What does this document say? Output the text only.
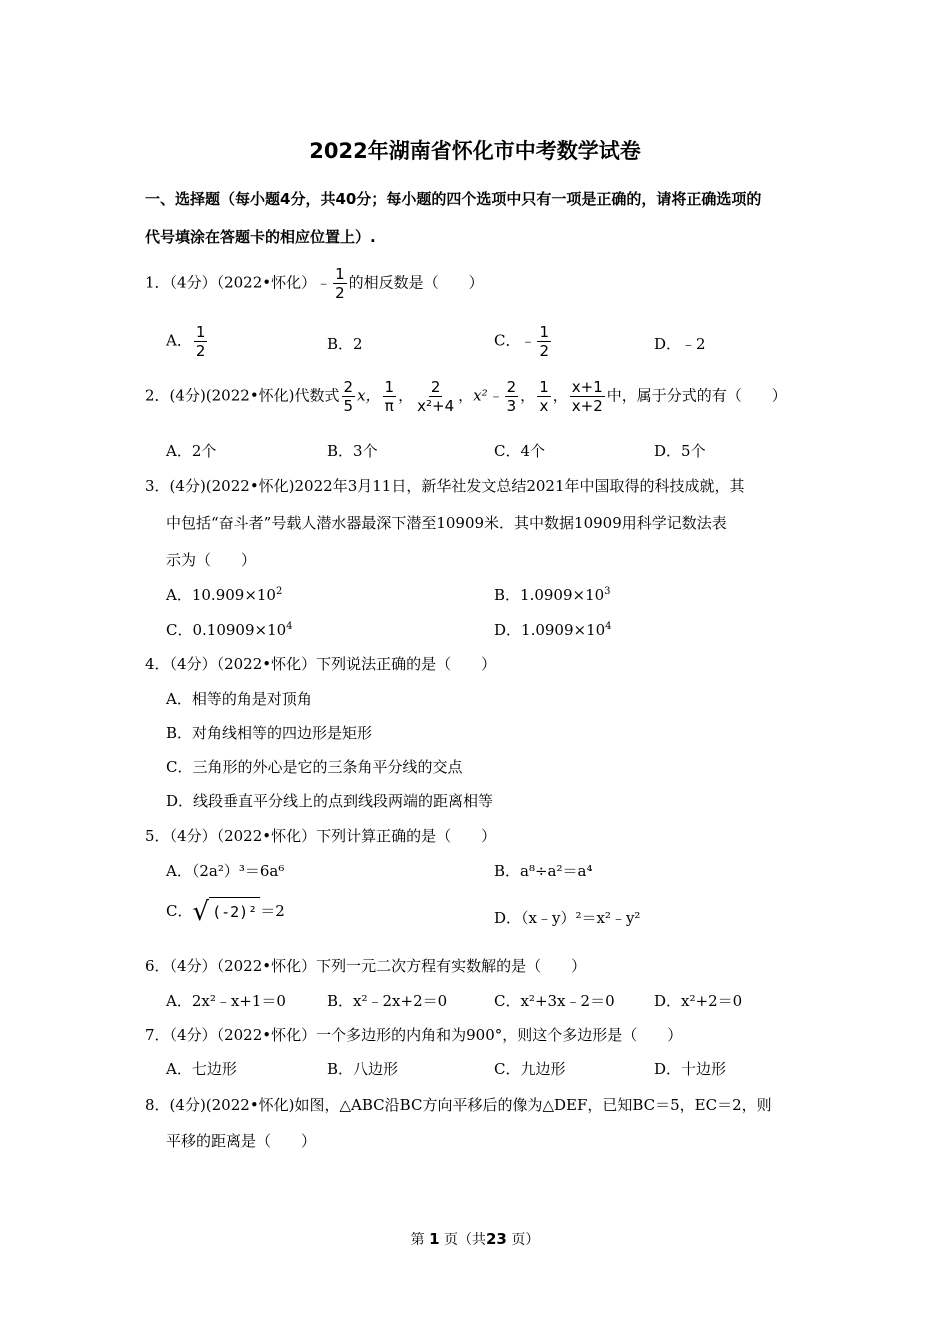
2022年湖南省怀化市中考数学试卷
一、选择题（每小题4分，共40分；每小题的四个选项中只有一项是正确的，请将正确选项的
代号填涂在答题卡的相应位置上）.
1．（4分）（2022•怀化）﹣ $\frac{1}{2}$ 的相反数是（　　）
A． $\frac{1}{2}$	B．2	C．﹣ $\frac{1}{2}$	D．﹣2
2．(4分)(2022•怀化)代数式 $\frac{2}{5}$ x， $\frac{1}{\pi}$ ， $\frac{2}{\text{x²+4}}$ ，x²﹣ $\frac{2}{3}$ ， $\frac{1}{x}$ ， $\frac{x+1}{x+2}$ 中，属于分式的有（　　）
A．2个	B．3个	C．4个	D．5个
3．(4分)(2022•怀化)2022年3月11日，新华社发文总结2021年中国取得的科技成就，其
中包括“奋斗者”号载人潜水器最深下潜至10909米．其中数据10909用科学记数法表
示为（　　）
A．$10.909\times 10^2$	B．$1.0909\times 10^3$
C．$0.10909\times 10^4$	D．$1.0909\times 10^4$
4．（4分）（2022•怀化）下列说法正确的是（　　）
A．相等的角是对顶角
B．对角线相等的四边形是矩形
C．三角形的外心是它的三条角平分线的交点
D．线段垂直平分线上的点到线段两端的距离相等
5．（4分）（2022•怀化）下列计算正确的是（　　）
A．（2a²）³＝6a⁶	B．a⁸÷a²＝a⁴
C． √ (-2)² ＝2	D．（x﹣y）²＝x²﹣y²
6．（4分）（2022•怀化）下列一元二次方程有实数解的是（　　）
A．2x²﹣x+1＝0	B．x²﹣2x+2＝0	C．x²+3x﹣2＝0	D．x²+2＝0
7．（4分）（2022•怀化）一个多边形的内角和为900°，则这个多边形是（　　）
A．七边形	B．八边形	C．九边形	D．十边形
8．(4分)(2022•怀化)如图，△ABC沿BC方向平移后的像为△DEF，已知BC＝5，EC＝2，则
平移的距离是（　　）
第 1 页（共23 页）
